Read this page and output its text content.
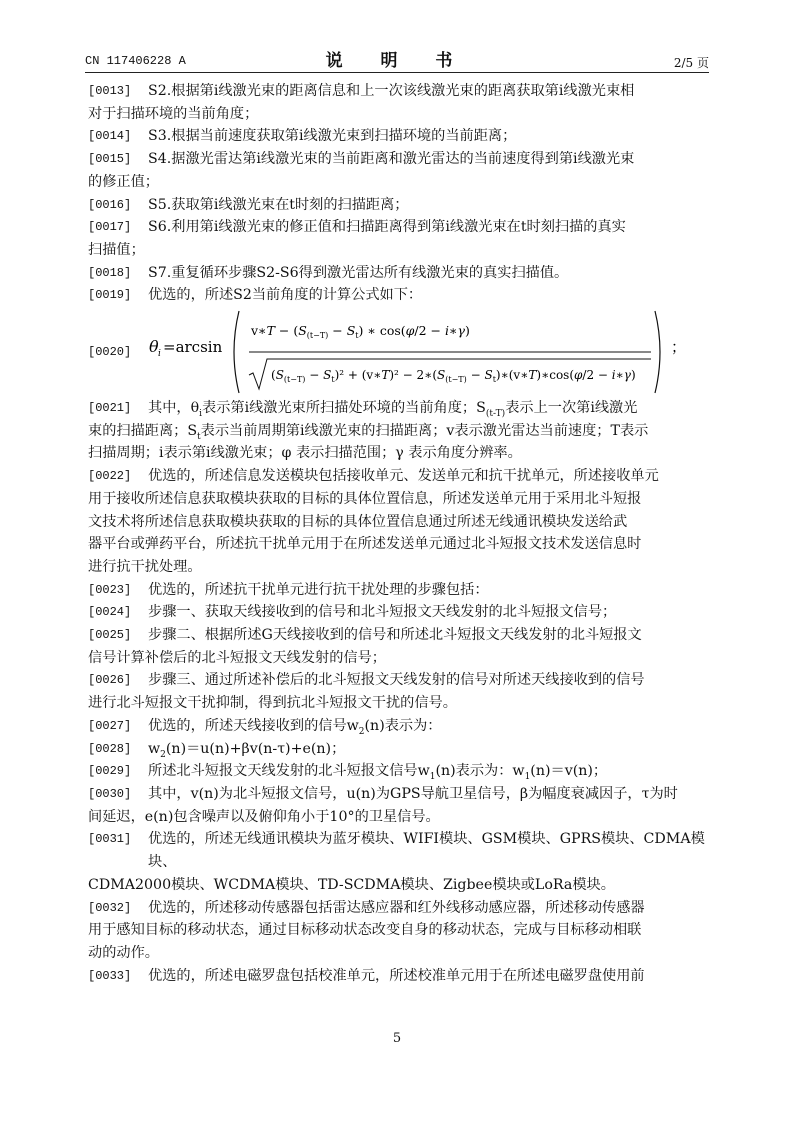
CN 117406228 A	说 明 书	2/5 页

[0013] S2.根据第i线激光束的距离信息和上一次该线激光束的距离获取第i线激光束相
对于扫描环境的当前角度；

[0014] S3.根据当前速度获取第i线激光束到扫描环境的当前距离；

[0015] S4.据激光雷达第i线激光束的当前距离和激光雷达的当前速度得到第i线激光束
的修正值；

[0016] S5.获取第i线激光束在t时刻的扫描距离；

[0017] S6.利用第i线激光束的修正值和扫描距离得到第i线激光束在t时刻扫描的真实
扫描值；

[0018] S7.重复循环步骤S2-S6得到激光雷达所有线激光束的真实扫描值。

[0019] 优选的，所述S2当前角度的计算公式如下：

[0020] θ i =arcsin
v∗T − $(S_{(t-T)} - S_t)$ ∗ cos(φ/2 − i∗γ)
$(S_{(t-T)} - S_t)^2$ + (v∗T)² − $2∗(S_{(t-T)}$ − $S_t)∗(v∗T)∗\cos(\varphi/2$ − i∗γ)
；

[0021] 其中，$\theta_i$表示第i线激光束所扫描处环境的当前角度；$S_{(t-T)}$表示上一次第i线激光
束的扫描距离；$S_t$表示当前周期第i线激光束的扫描距离；v表示激光雷达当前速度；T表示
扫描周期；i表示第i线激光束；φ 表示扫描范围；γ 表示角度分辨率。

[0022] 优选的，所述信息发送模块包括接收单元、发送单元和抗干扰单元，所述接收单元
用于接收所述信息获取模块获取的目标的具体位置信息，所述发送单元用于采用北斗短报
文技术将所述信息获取模块获取的目标的具体位置信息通过所述无线通讯模块发送给武
器平台或弹药平台，所述抗干扰单元用于在所述发送单元通过北斗短报文技术发送信息时
进行抗干扰处理。

[0023] 优选的，所述抗干扰单元进行抗干扰处理的步骤包括：

[0024] 步骤一、获取天线接收到的信号和北斗短报文天线发射的北斗短报文信号；

[0025] 步骤二、根据所述G天线接收到的信号和所述北斗短报文天线发射的北斗短报文
信号计算补偿后的北斗短报文天线发射的信号；

[0026] 步骤三、通过所述补偿后的北斗短报文天线发射的信号对所述天线接收到的信号
进行北斗短报文干扰抑制，得到抗北斗短报文干扰的信号。

[0027] 优选的，所述天线接收到的信号$w_2(n)$表示为：

[0028] $w_2(n)=u(n)+\beta v(n-\tau)+e(n)$；

[0029] 所述北斗短报文天线发射的北斗短报文信号$w_1(n)$表示为：$w_1(n)=v(n)$；

[0030] 其中，v(n)为北斗短报文信号，u(n)为GPS导航卫星信号，β为幅度衰减因子，τ为时
间延迟，e(n)包含噪声以及俯仰角小于10°的卫星信号。

[0031] 优选的，所述无线通讯模块为蓝牙模块、WIFI模块、GSM模块、GPRS模块、CDMA模块、
CDMA2000模块、WCDMA模块、TD-SCDMA模块、Zigbee模块或LoRa模块。

[0032] 优选的，所述移动传感器包括雷达感应器和红外线移动感应器，所述移动传感器
用于感知目标的移动状态，通过目标移动状态改变自身的移动状态，完成与目标移动相联
动的动作。

[0033] 优选的，所述电磁罗盘包括校准单元，所述校准单元用于在所述电磁罗盘使用前

5
